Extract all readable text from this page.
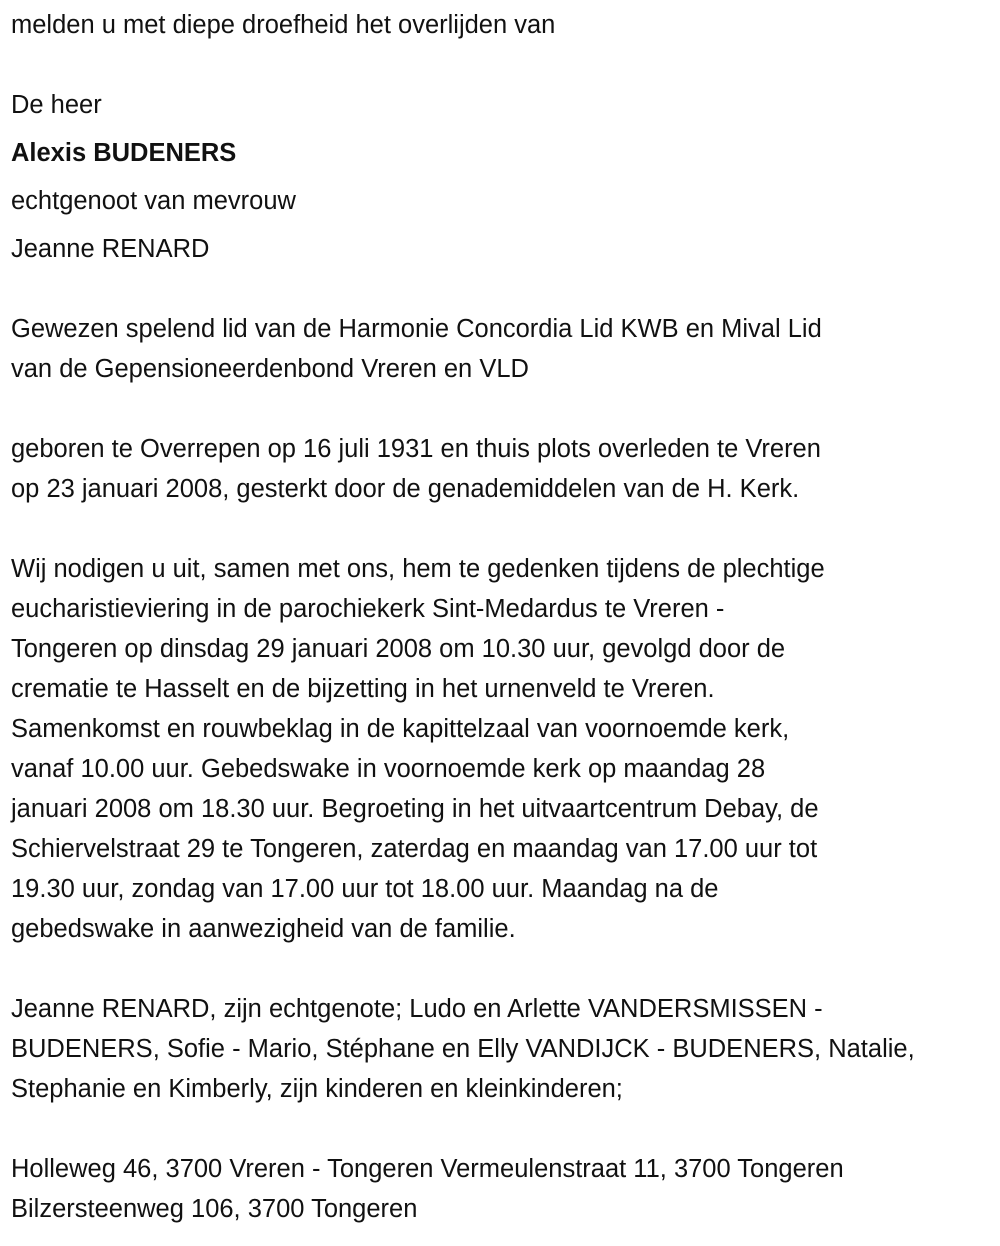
melden u met diepe droefheid het overlijden van
De heer
Alexis BUDENERS
echtgenoot van mevrouw
Jeanne RENARD
Gewezen spelend lid van de Harmonie Concordia Lid KWB en Mival Lid
van de Gepensioneerdenbond Vreren en VLD
geboren te Overrepen op 16 juli 1931 en thuis plots overleden te Vreren
op 23 januari 2008, gesterkt door de genademiddelen van de H. Kerk.
Wij nodigen u uit, samen met ons, hem te gedenken tijdens de plechtige
eucharistieviering in de parochiekerk Sint-Medardus te Vreren -
Tongeren op dinsdag 29 januari 2008 om 10.30 uur, gevolgd door de
crematie te Hasselt en de bijzetting in het urnenveld te Vreren.
Samenkomst en rouwbeklag in de kapittelzaal van voornoemde kerk,
vanaf 10.00 uur. Gebedswake in voornoemde kerk op maandag 28
januari 2008 om 18.30 uur. Begroeting in het uitvaartcentrum Debay, de
Schiervelstraat 29 te Tongeren, zaterdag en maandag van 17.00 uur tot
19.30 uur, zondag van 17.00 uur tot 18.00 uur. Maandag na de
gebedswake in aanwezigheid van de familie.
Jeanne RENARD, zijn echtgenote; Ludo en Arlette VANDERSMISSEN -
BUDENERS, Sofie - Mario, Stéphane en Elly VANDIJCK - BUDENERS, Natalie,
Stephanie en Kimberly, zijn kinderen en kleinkinderen;
Holleweg 46, 3700 Vreren - Tongeren Vermeulenstraat 11, 3700 Tongeren
Bilzersteenweg 106, 3700 Tongeren
